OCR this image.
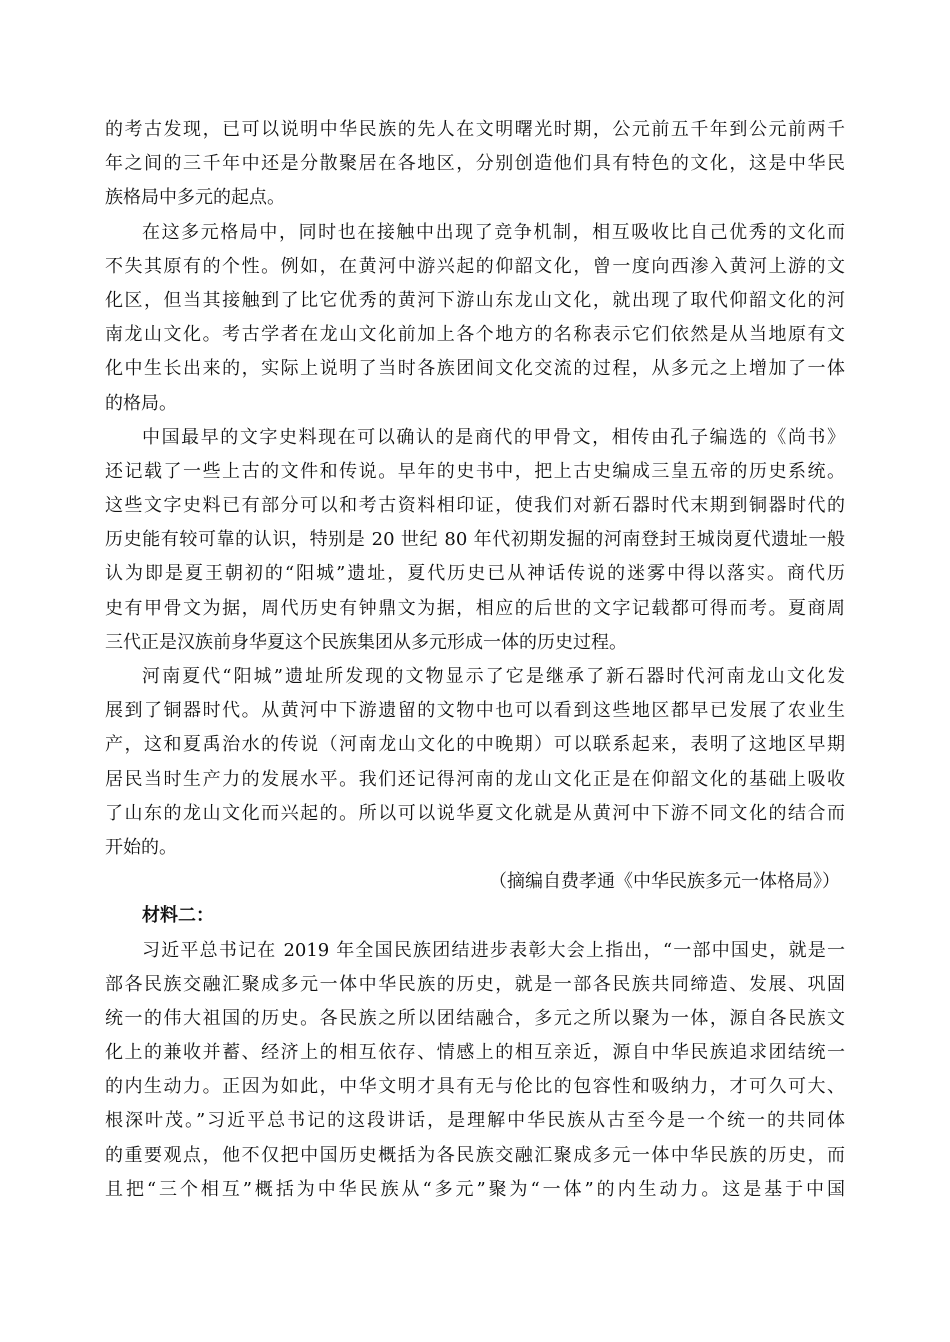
的考古发现，已可以说明中华民族的先人在文明曙光时期，公元前五千年到公元前两千
年之间的三千年中还是分散聚居在各地区，分别创造他们具有特色的文化，这是中华民
族格局中多元的起点。
在这多元格局中，同时也在接触中出现了竞争机制，相互吸收比自己优秀的文化而
不失其原有的个性。例如，在黄河中游兴起的仰韶文化，曾一度向西渗入黄河上游的文
化区，但当其接触到了比它优秀的黄河下游山东龙山文化，就出现了取代仰韶文化的河
南龙山文化。考古学者在龙山文化前加上各个地方的名称表示它们依然是从当地原有文
化中生长出来的，实际上说明了当时各族团间文化交流的过程，从多元之上增加了一体
的格局。
中国最早的文字史料现在可以确认的是商代的甲骨文，相传由孔子编选的《尚书》
还记载了一些上古的文件和传说。早年的史书中，把上古史编成三皇五帝的历史系统。
这些文字史料已有部分可以和考古资料相印证，使我们对新石器时代末期到铜器时代的
历史能有较可靠的认识，特别是 20 世纪 80 年代初期发掘的河南登封王城岗夏代遗址一般
认为即是夏王朝初的“阳城”遗址，夏代历史已从神话传说的迷雾中得以落实。商代历
史有甲骨文为据，周代历史有钟鼎文为据，相应的后世的文字记载都可得而考。夏商周
三代正是汉族前身华夏这个民族集团从多元形成一体的历史过程。
河南夏代“阳城”遗址所发现的文物显示了它是继承了新石器时代河南龙山文化发
展到了铜器时代。从黄河中下游遗留的文物中也可以看到这些地区都早已发展了农业生
产，这和夏禹治水的传说（河南龙山文化的中晚期）可以联系起来，表明了这地区早期
居民当时生产力的发展水平。我们还记得河南的龙山文化正是在仰韶文化的基础上吸收
了山东的龙山文化而兴起的。所以可以说华夏文化就是从黄河中下游不同文化的结合而
开始的。
（摘编自费孝通《中华民族多元一体格局》）
材料二：
习近平总书记在 2019 年全国民族团结进步表彰大会上指出，“一部中国史，就是一
部各民族交融汇聚成多元一体中华民族的历史，就是一部各民族共同缔造、发展、巩固
统一的伟大祖国的历史。各民族之所以团结融合，多元之所以聚为一体，源自各民族文
化上的兼收并蓄、经济上的相互依存、情感上的相互亲近，源自中华民族追求团结统一
的内生动力。正因为如此，中华文明才具有无与伦比的包容性和吸纳力，才可久可大、
根深叶茂。”习近平总书记的这段讲话，是理解中华民族从古至今是一个统一的共同体
的重要观点，他不仅把中国历史概括为各民族交融汇聚成多元一体中华民族的历史，而
且把“三个相互”概括为中华民族从“多元”聚为“一体”的内生动力。这是基于中国
